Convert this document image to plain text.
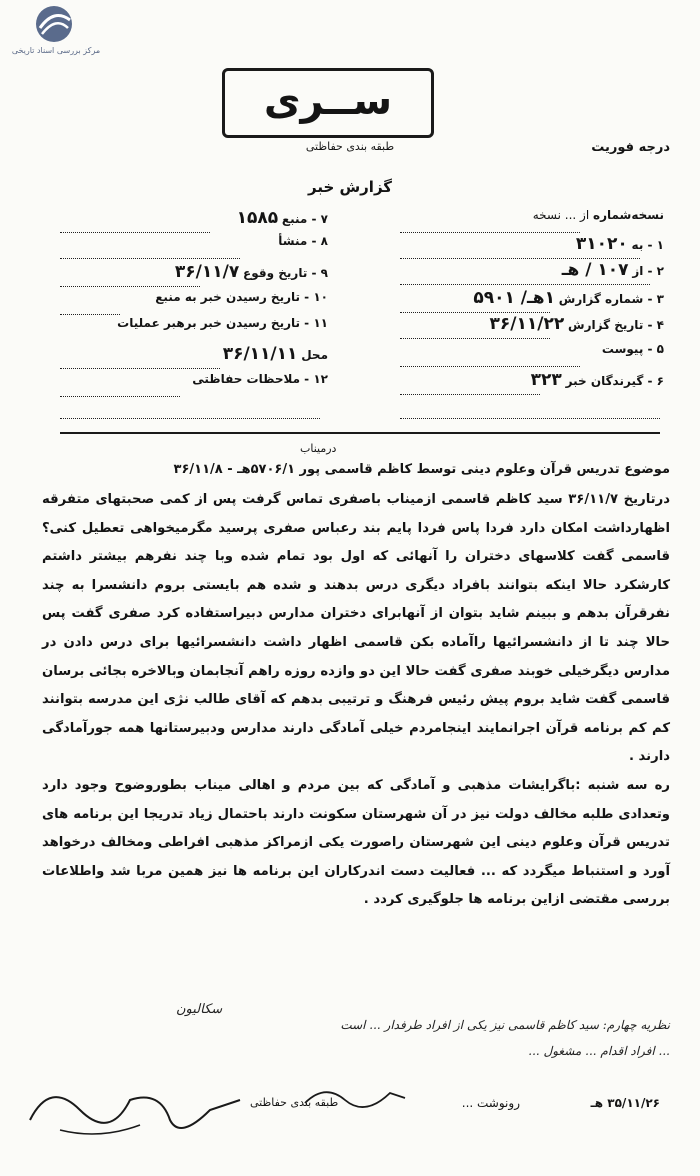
مرکز بررسی اسناد تاریخی
ســری
طبقه بندی حفاظتی	درجه فوریت
گزارش خبر
نسخه‌شماره از ... نسخه
۱ - به ۳۱۰۲۰
۲ - از ۱۰۷ / هـ
۳ - شماره گزارش ۱هـ/ ۵۹۰۱
۴ - تاریخ گزارش ۳۶/۱۱/۲۲
۵ - پیوست
۶ - گیرندگان خبر ۳۲۳
۷ - منبع ۱۵۸۵
۸ - منشأ
۹ - تاریخ وقوع ۳۶/۱۱/۷
۱۰ - تاریخ رسیدن خبر به منبع
۱۱ - تاریخ رسیدن خبر برهبر عملیات
محل ۳۶/۱۱/۱۱
۱۲ - ملاحظات حفاظتی
درمیناب
موضوع تدریس قرآن وعلوم دینی توسط کاظم قاسمی پور ۵۷۰۶/۱هـ - ۳۶/۱۱/۸

درتاریخ ۳۶/۱۱/۷ سید کاظم قاسمی ازمیناب باصفری تماس گرفت پس از کمی صحبتهای متفرقه اظهارداشت امکان دارد فردا پاس فردا پایم بند رعباس صفری پرسید مگرمیخواهی تعطیل کنی؟ قاسمی گفت کلاسهای دختران را آنهائی که اول بود تمام شده وبا چند نفرهم بیشتر داشتم کارشکرد حالا اینکه بتوانند بافراد دیگری درس بدهند و شده هم بایستی بروم دانشسرا به چند نفرقرآن بدهم و ببینم شاید بتوان از آنهابرای دختران مدارس دبیراستفاده کرد صفری گفت پس حالا چند تا از دانشسرائیها راآماده بکن قاسمی اظهار داشت دانشسرائیها برای درس دادن در مدارس دیگرخیلی خوبند صفری گفت حالا این دو وازده روزه راهم آنجابمان وبالاخره بجائی برسان قاسمی گفت شاید بروم پیش رئیس فرهنگ و ترتیبی بدهم که آقای طالب نژی این مدرسه بتوانند کم کم برنامه قرآن اجرانمایند اینجامردم خیلی آمادگی دارند مدارس ودبیرستانها همه جورآمادگی دارند .

ره سه شنبه :باگرایشات مذهبی و آمادگی که بین مردم و اهالی میناب بطوروضوح وجود دارد وتعدادی طلبه مخالف دولت نیز در آن شهرستان سکونت دارند باحتمال زیاد تدریجا این برنامه های تدریس قرآن وعلوم دینی این شهرستان راصورت یکی ازمراکز مذهبی افراطی ومخالف درخواهد آورد و استنباط میگردد که ... فعالیت دست اندرکاران این برنامه ها نیز همین مربا شد واطلاعات بررسی مقتضی ازاین برنامه ها جلوگیری کردد .

نظریه چهارم: سید کاظم قاسمی نیز یکی از افراد طرفدار ... است
... افراد اقدام ... مشغول ...
سکالیون
۳۵/۱۱/۲۶ هـ
رونوشت ...
طبقه بندی حفاظتی
